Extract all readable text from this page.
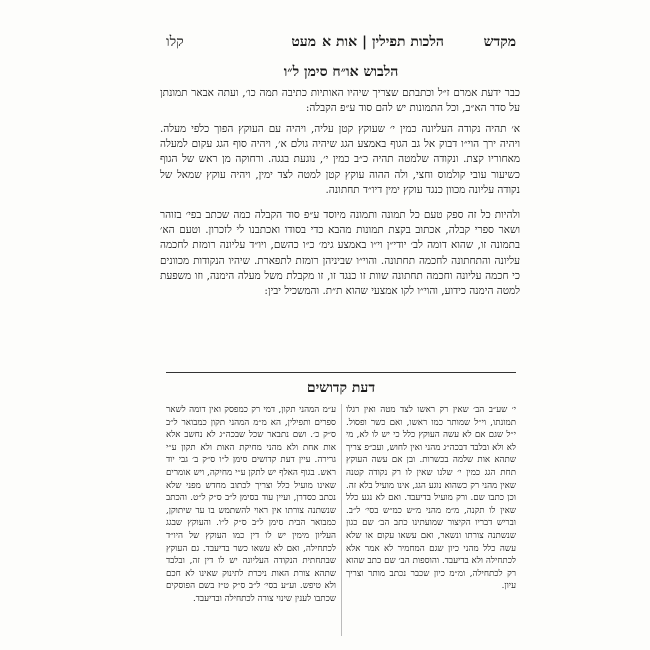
מקדש
הלכות תפילין | אות א
מעט
קלו
הלבוש או״ח סימן ל״ו

כבר ידעת אמרם ז״ל וכתבתם שצריך שיהיו האותיות כתיבה תמה כו׳, ועתה אבאר תמונתן על סדר הא״ב, וכל התמונות יש להם סוד ע״פ הקבלה:

א׳ תהיה נקודה העליונה כמין י׳ שעוקץ קטן עליה, ויהיה עם העוקץ הפוך כלפי מעלה. ויהיה ירך הוי״ו דבוק אל גב הגוף באמצע הגג שיהיה גולם א׳, ויהיה סוף הגג עקום למעלה מאחוריו קצת. ונקודה שלמטה תהיה כ״ב כמין י׳, נוגעת בגגה. ורחוקה מן ראש של הגוף כשיעור עובי קולמוס וחצי, ולה ההוה עוקץ קטן למטה לצד ימין, ויהיה עוקץ שמאל של נקודה עליונה מכוון כנגד עוקץ ימין דיו״ד תחתונה.

ולהיות כל זה ספק טעם כל תמונה ותמונה מיוסד ע״פ סוד הקבלה כמה שכתב בפי׳ בזוהר ושאר ספרי קבלה, אכתוב בקצת תמונות מהבא כדי בסודו ואכתבנו לי לזכרון. וטעם הא׳ בתמונה זו, שהוא דומה לב׳ יודי״ן וי״ו באמצע גימ׳ כ״ו כהשם, ויו״ד עליונה רומזת לחכמה עליונה והתחתונה לחכמה תחתונה. והוי״ו שביניהן רומזת לתפארת. שיהיו הנקודות מכוונים כי חכמה עליונה וחכמה תחתונה שוות זו כנגד זו, זו מקבלת משל מעלה הימנה, וזו משפעת למטה הימנה כידוע, והוי״ו לקו אמצעי שהוא ת״ת. והמשכיל יבין:

דעת קדושים

י׳ שע״ב הב׳ שאין רק ראשו לצד מטה ואין רגלו תמונתו, וי״ל שמותר כמו ראשו, ואם כשר ופסול. י״ל שגם אם לא עשה העוקץ כלל כי יש לו לא, מי לא ולא ובלבד דבכה״ג מהני ואין לחוש, ועכ״פ צריך שתהא אות שלמה בכשרות. ובן אם עשה העוקץ תחת הגג כמין י׳ שלנו שאין לו רק נקודה קטנה שאין מהני רק כשהוא נוגע הגג, אינו מועיל בלא זה. וכן כתבו שם. ורק מועיל בדיעבד. ואם לא נגע כלל שאין לו תקנה, מ״מ מהני מ״ש כמ״ש בסי׳ ל״ב. ובריש דבריו הקיצור שמועתינו כתב הב׳ שם כגון שנשתנה צורתו ונשאר, ואם עשאו עקום או שלא עשה כלל מהני כיון שגם המחמיר לא אמר אלא לכתחילה ולא בדיעבד. והוספות הב׳ שם כתב שהוא רק לכתחילה, ומ״מ כיון שכבר נכתב מותר וצריך עיון.

ע״מ המהני תקון, דמי רק כמפסק ואין דומה לשאר ספרים ותפילין, הא מ״מ המהני תקון כמבואר ל״ב ס״ק כ׳. ושם נתבאר שכל שבכה״ג לא נחשב אלא אות אחת ולא מהני מחיקת האות ולא תקון ע״י גרירה. עיין דעת קדושים סימן ל״ו ס״ק ב׳ גבי יוד ראש. בגוף האלף יש לתקן ע״י מחיקה, ויש אומרים שאינו מועיל כלל וצריך לכתוב מחדש מפני שלא נכתב כסדרן, ועיין עוד בסימן ל״ב ס״ק ל״ט. והכתב שנשתנה צורתו אין ראוי להשתמש בו עד שיתוקן, כמבואר הבית סימן ל״ב ס״ק ל״ו. והעוקץ שבגג העליון מימין יש לו דין כמו העוקץ של היו״ד לכתחילה, ואם לא עשאו כשר בדיעבד. גם העוקץ שבתחתית הנקודה העליונה יש לו דין זה, ובלבד שתהא צורת האות ניכרת לתינוק שאינו לא חכם ולא טיפש. וע״ע בסי׳ ל״ב ס״ק ט״ז בשם הפוסקים שכתבו לענין שינוי צורה לכתחילה ובדיעבד.
